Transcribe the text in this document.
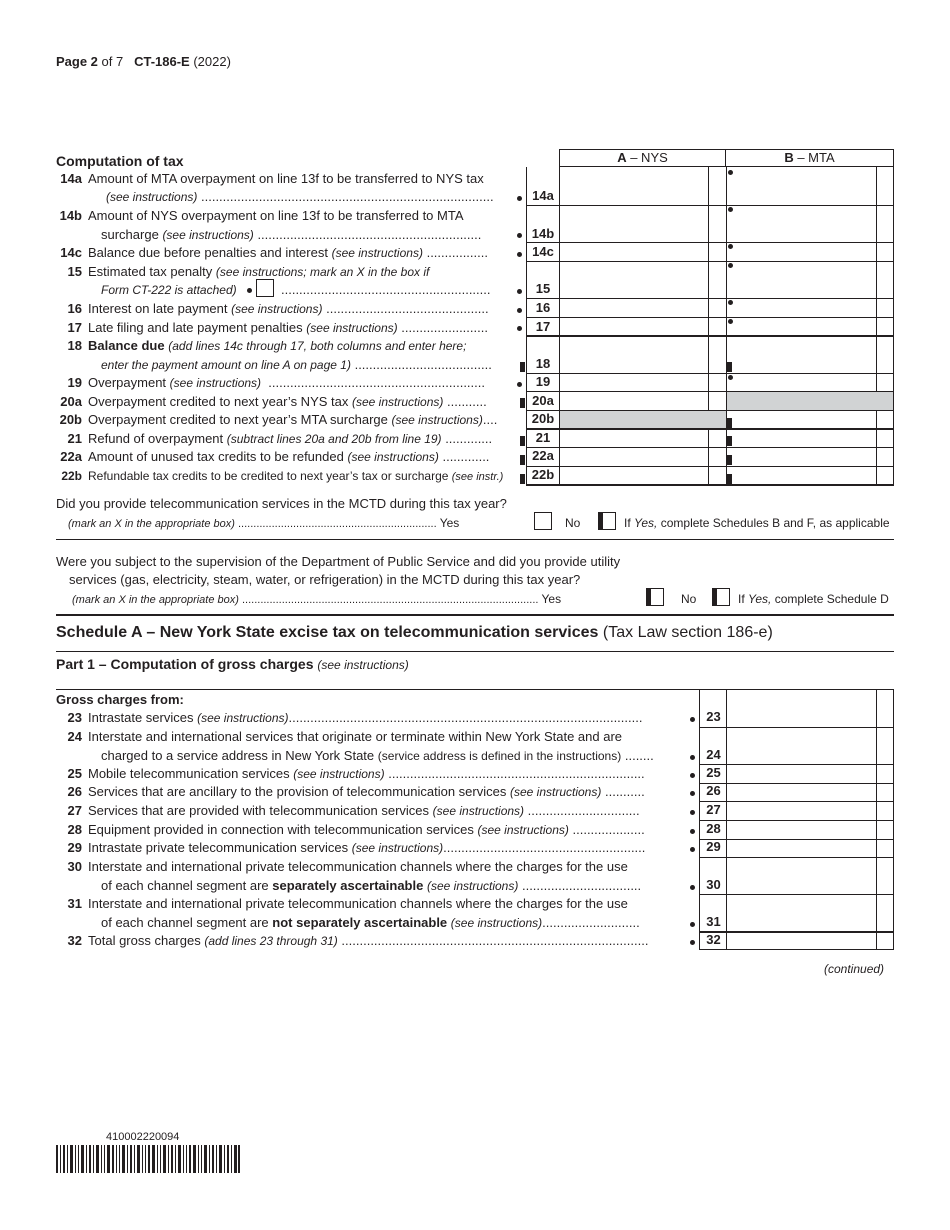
Page 2 of 7 CT-186-E (2022)
Computation of tax	A – NYS	B – MTA
14a Amount of MTA overpayment on line 13f to be transferred to NYS tax
(see instructions) .................................................................................	14a
14b Amount of NYS overpayment on line 13f to be transferred to MTA
surcharge (see instructions) ..............................................................	14b
14c Balance due before penalties and interest (see instructions) .................	14c
15 Estimated tax penalty (see instructions; mark an X in the box if
Form CT-222 is attached)	..........................................................	15
16 Interest on late payment (see instructions) .............................................	16
17 Late filing and late payment penalties (see instructions) ........................	17
18 Balance due (add lines 14c through 17, both columns and enter here;
enter the payment amount on line A on page 1) ......................................	18
19 Overpayment (see instructions) ............................................................	19
20a Overpayment credited to next year’s NYS tax (see instructions) ...........	20a
20b Overpayment credited to next year’s MTA surcharge (see instructions)....	20b
21 Refund of overpayment (subtract lines 20a and 20b from line 19) .............	21
22a Amount of unused tax credits to be refunded (see instructions) .............	22a
22b Refundable tax credits to be credited to next year’s tax or surcharge (see instr.)	22b
Did you provide telecommunication services in the MCTD during this tax year?
(mark an X in the appropriate box) ................................................................. Yes	No	If Yes, complete Schedules B and F, as applicable
Were you subject to the supervision of the Department of Public Service and did you provide utility
services (gas, electricity, steam, water, or refrigeration) in the MCTD during this tax year?
(mark an X in the appropriate box) ................................................................................................. Yes	No	If Yes, complete Schedule D
Schedule A – New York State excise tax on telecommunication services (Tax Law section 186-e)
Part 1 – Computation of gross charges (see instructions)
Gross charges from:
23 Intrastate services (see instructions)..................................................................................................	23
24 Interstate and international services that originate or terminate within New York State and are
charged to a service address in New York State (service address is defined in the instructions) ........	24
25 Mobile telecommunication services (see instructions) .......................................................................	25
26 Services that are ancillary to the provision of telecommunication services (see instructions) ...........	26
27 Services that are provided with telecommunication services (see instructions) ...............................	27
28 Equipment provided in connection with telecommunication services (see instructions) ....................	28
29 Intrastate private telecommunication services (see instructions)........................................................	29
30 Interstate and international private telecommunication channels where the charges for the use
of each channel segment are separately ascertainable (see instructions) .................................	30
31 Interstate and international private telecommunication channels where the charges for the use
of each channel segment are not separately ascertainable (see instructions)...........................	31
32 Total gross charges (add lines 23 through 31) .....................................................................................	32
(continued)
410002220094
